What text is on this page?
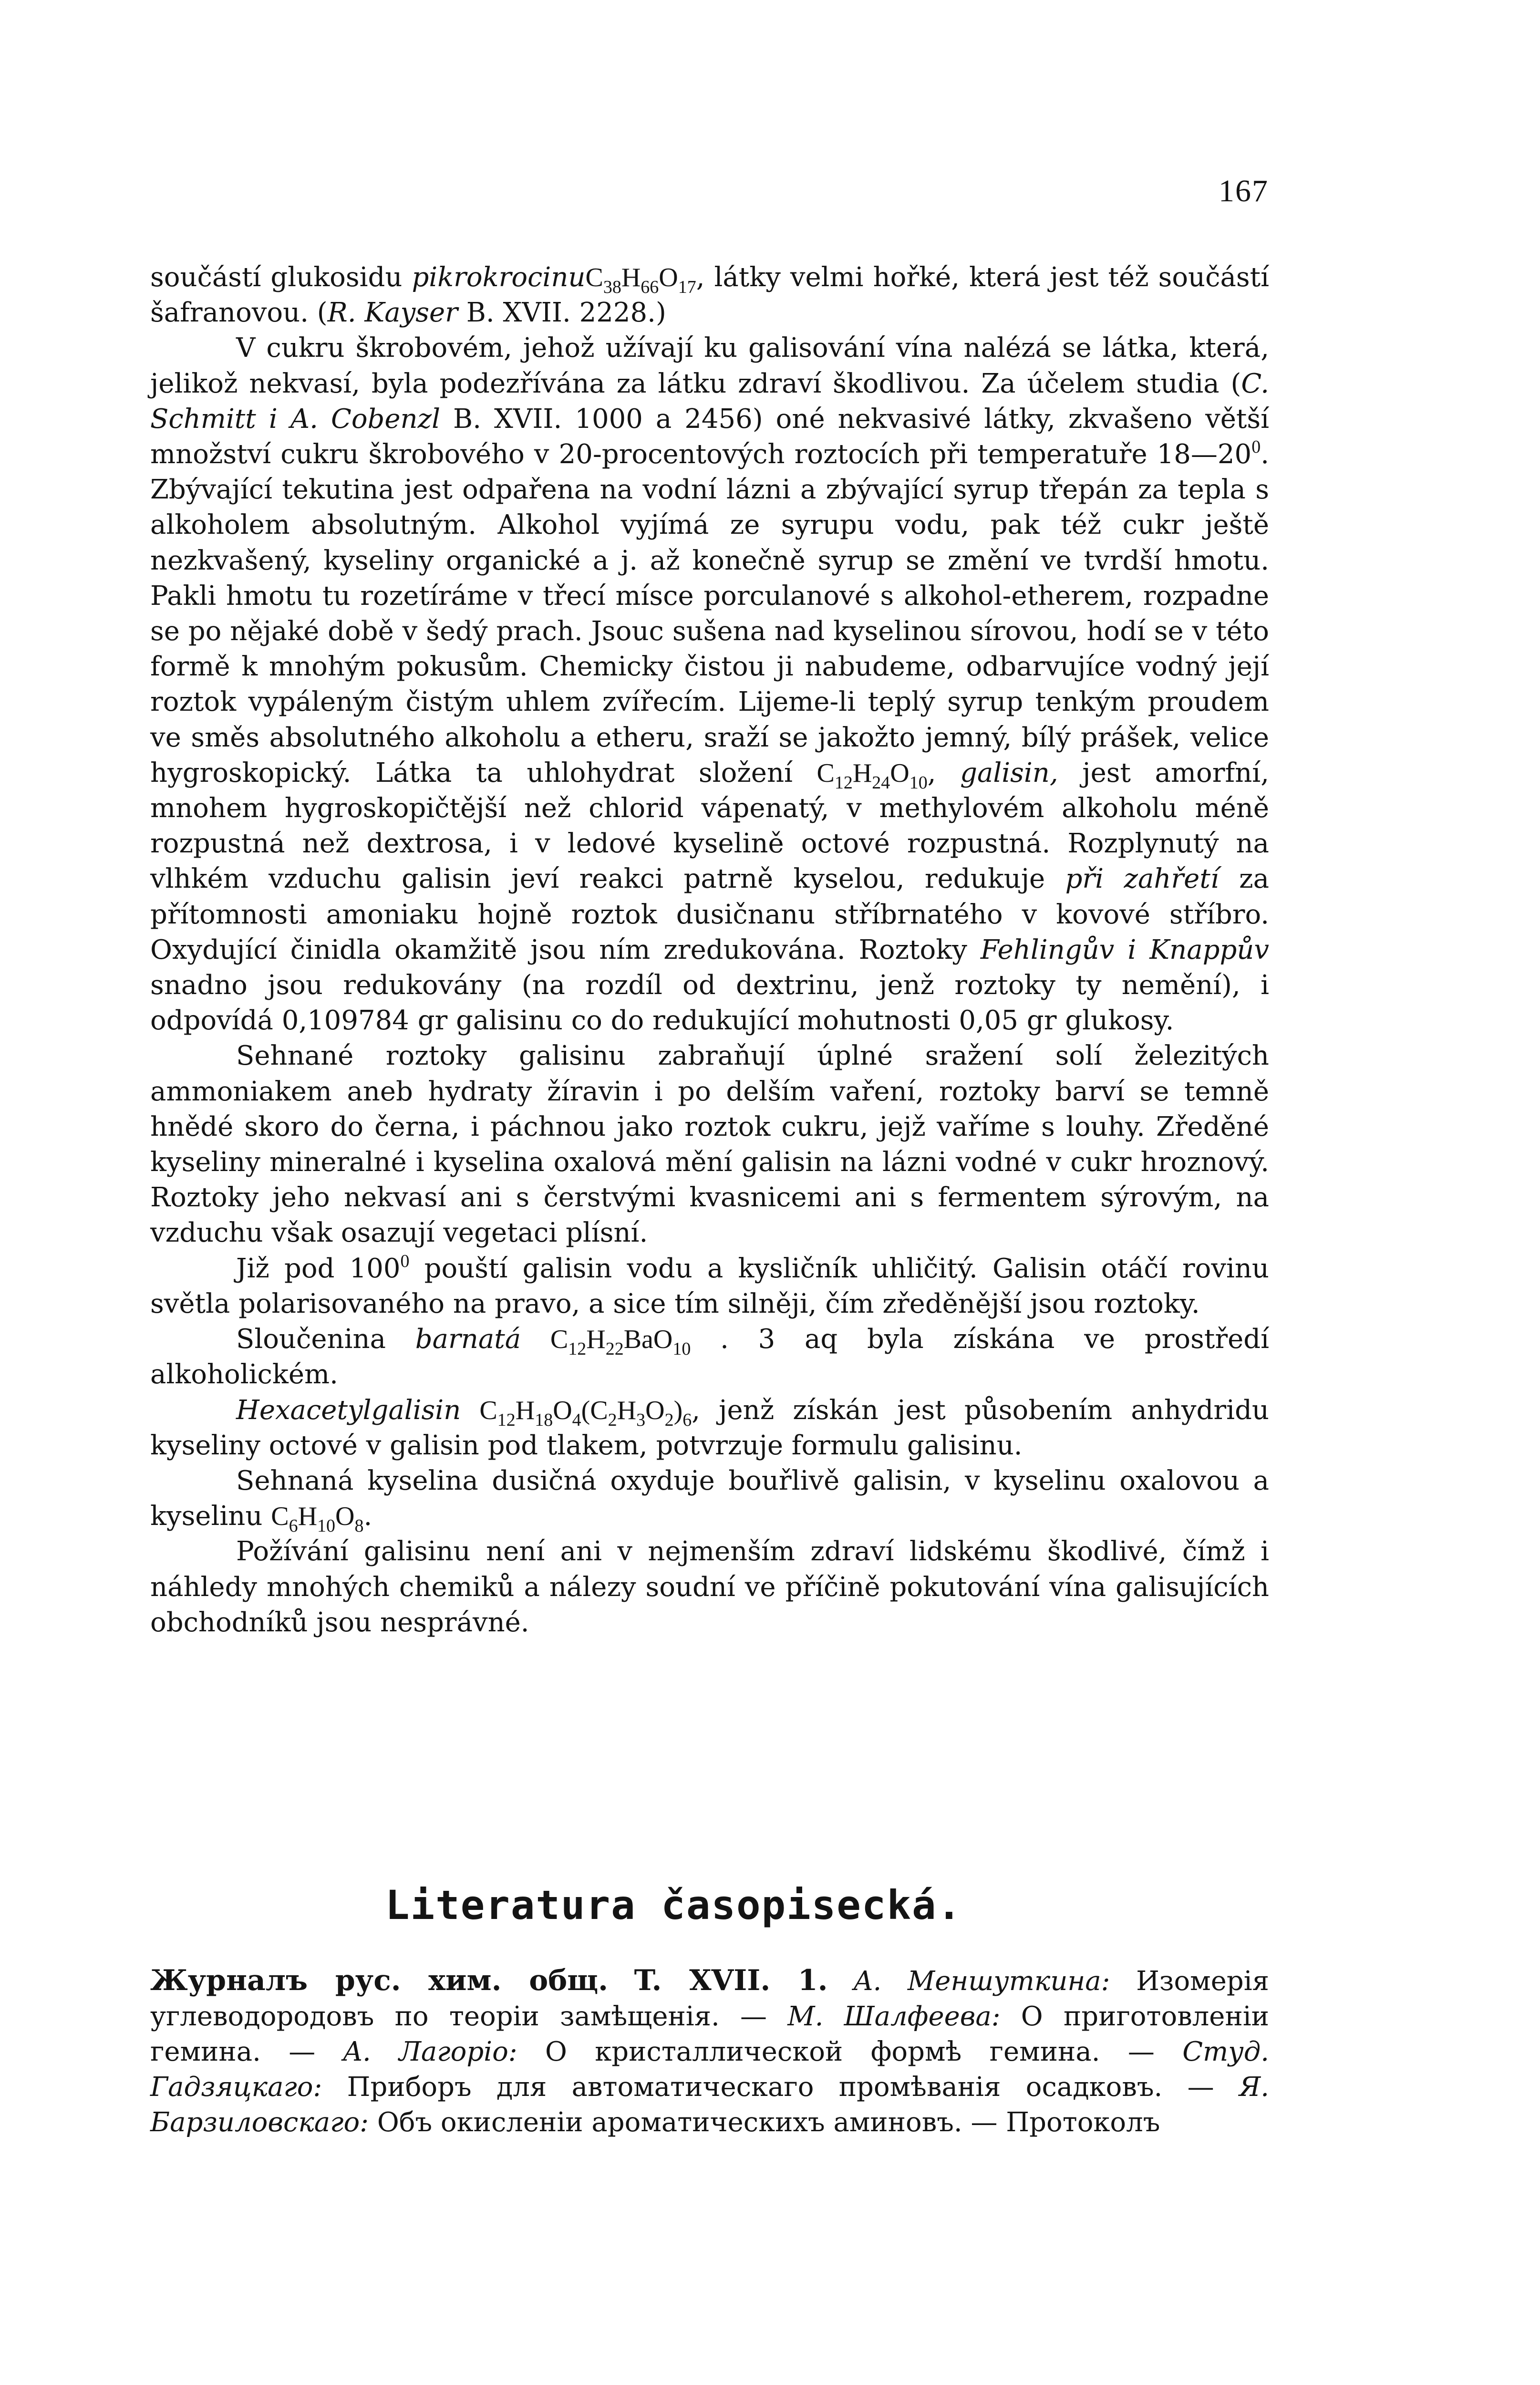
167

součástí glukosidu $pikrokrocinuC_{38}H_{66}O_{17}$, látky velmi hořké, která jest též součástí šafranovou. (R. Kayser B. XVII. 2228.)

V cukru škrobovém, jehož užívají ku galisování vína nalézá se látka, která, jelikož nekvasí, byla podezřívána za látku zdraví škodlivou. Za účelem studia (C. Schmitt i A. Cobenzl B. XVII. 1000 a 2456) oné nekvasivé látky, zkvašeno větší množství cukru škrobového v 20-procentových roztocích při temperatuře $18—20^0$. Zbývající tekutina jest odpařena na vodní lázni a zbývající syrup třepán za tepla s alkoholem absolutným. Alkohol vyjímá ze syrupu vodu, pak též cukr ještě nezkvašený, kyseliny organické a j. až konečně syrup se změní ve tvrdší hmotu. Pakli hmotu tu rozetíráme v třecí mísce porculanové s alkohol-etherem, rozpadne se po nějaké době v šedý prach. Jsouc sušena nad kyselinou sírovou, hodí se v této formě k mnohým pokusům. Chemicky čistou ji nabudeme, odbarvujíce vodný její roztok vypáleným čistým uhlem zvířecím. Lijeme-li teplý syrup tenkým proudem ve směs absolutného alkoholu a etheru, sraží se jakožto jemný, bílý prášek, velice hygroskopický. Látka ta uhlohydrat složení $C_{12}H_{24}O_{10}$, galisin, jest amorfní, mnohem hygroskopičtější než chlorid vápenatý, v methylovém alkoholu méně rozpustná než dextrosa, i v ledové kyselině octové rozpustná. Rozplynutý na vlhkém vzduchu galisin jeví reakci patrně kyselou, redukuje při zahřetí za přítomnosti amoniaku hojně roztok dusičnanu stříbrnatého v kovové stříbro. Oxydující činidla okamžitě jsou ním zredukována. Roztoky Fehlingův i Knappův snadno jsou redukovány (na rozdíl od dextrinu, jenž roztoky ty nemění), i odpovídá 0,109784 gr galisinu co do redukující mohutnosti 0,05 gr glukosy.

Sehnané roztoky galisinu zabraňují úplné sražení solí železitých ammoniakem aneb hydraty žíravin i po delším vaření, roztoky barví se temně hnědé skoro do černa, i páchnou jako roztok cukru, jejž vaříme s louhy. Zředěné kyseliny mineralné i kyselina oxalová mění galisin na lázni vodné v cukr hroznový. Roztoky jeho nekvasí ani s čerstvými kvasnicemi ani s fermentem sýrovým, na vzduchu však osazují vegetaci plísní.

Již pod $100^0$ pouští galisin vodu a kysličník uhličitý. Galisin otáčí rovinu světla polarisovaného na pravo, a sice tím silněji, čím zředěnější jsou roztoky.

Sloučenina barnatá $C_{12}H_{22}BaO_{10}$ . 3 aq byla získána ve prostředí alkoholickém.

Hexacetylgalisin $C_{12}H_{18}O_4(C_2H_3O_2)_6$, jenž získán jest působením anhydridu kyseliny octové v galisin pod tlakem, potvrzuje formulu galisinu.

Sehnaná kyselina dusičná oxyduje bouřlivě galisin, v kyselinu oxalovou a kyselinu $C_6H_{10}O_8$.

Požívání galisinu není ani v nejmenším zdraví lidskému škodlivé, čímž i náhledy mnohých chemiků a nálezy soudní ve příčině pokutování vína galisujících obchodníků jsou nesprávné.

Literatura časopisecká.

Журналъ рус. хим. общ. T. XVII. 1. A. Меншуткина: Изомерія углеводородовъ по теоріи замѣщенія. — M. Шалфеева: О приготовленіи гемина. — A. Лагоріо: О кристаллической формѣ гемина. — Студ. Гадзяцкаго: Приборъ для автоматическаго промѣванія осадковъ. — Я. Барзиловскаго: Объ окисленіи ароматическихъ аминовъ. — Протоколъ
